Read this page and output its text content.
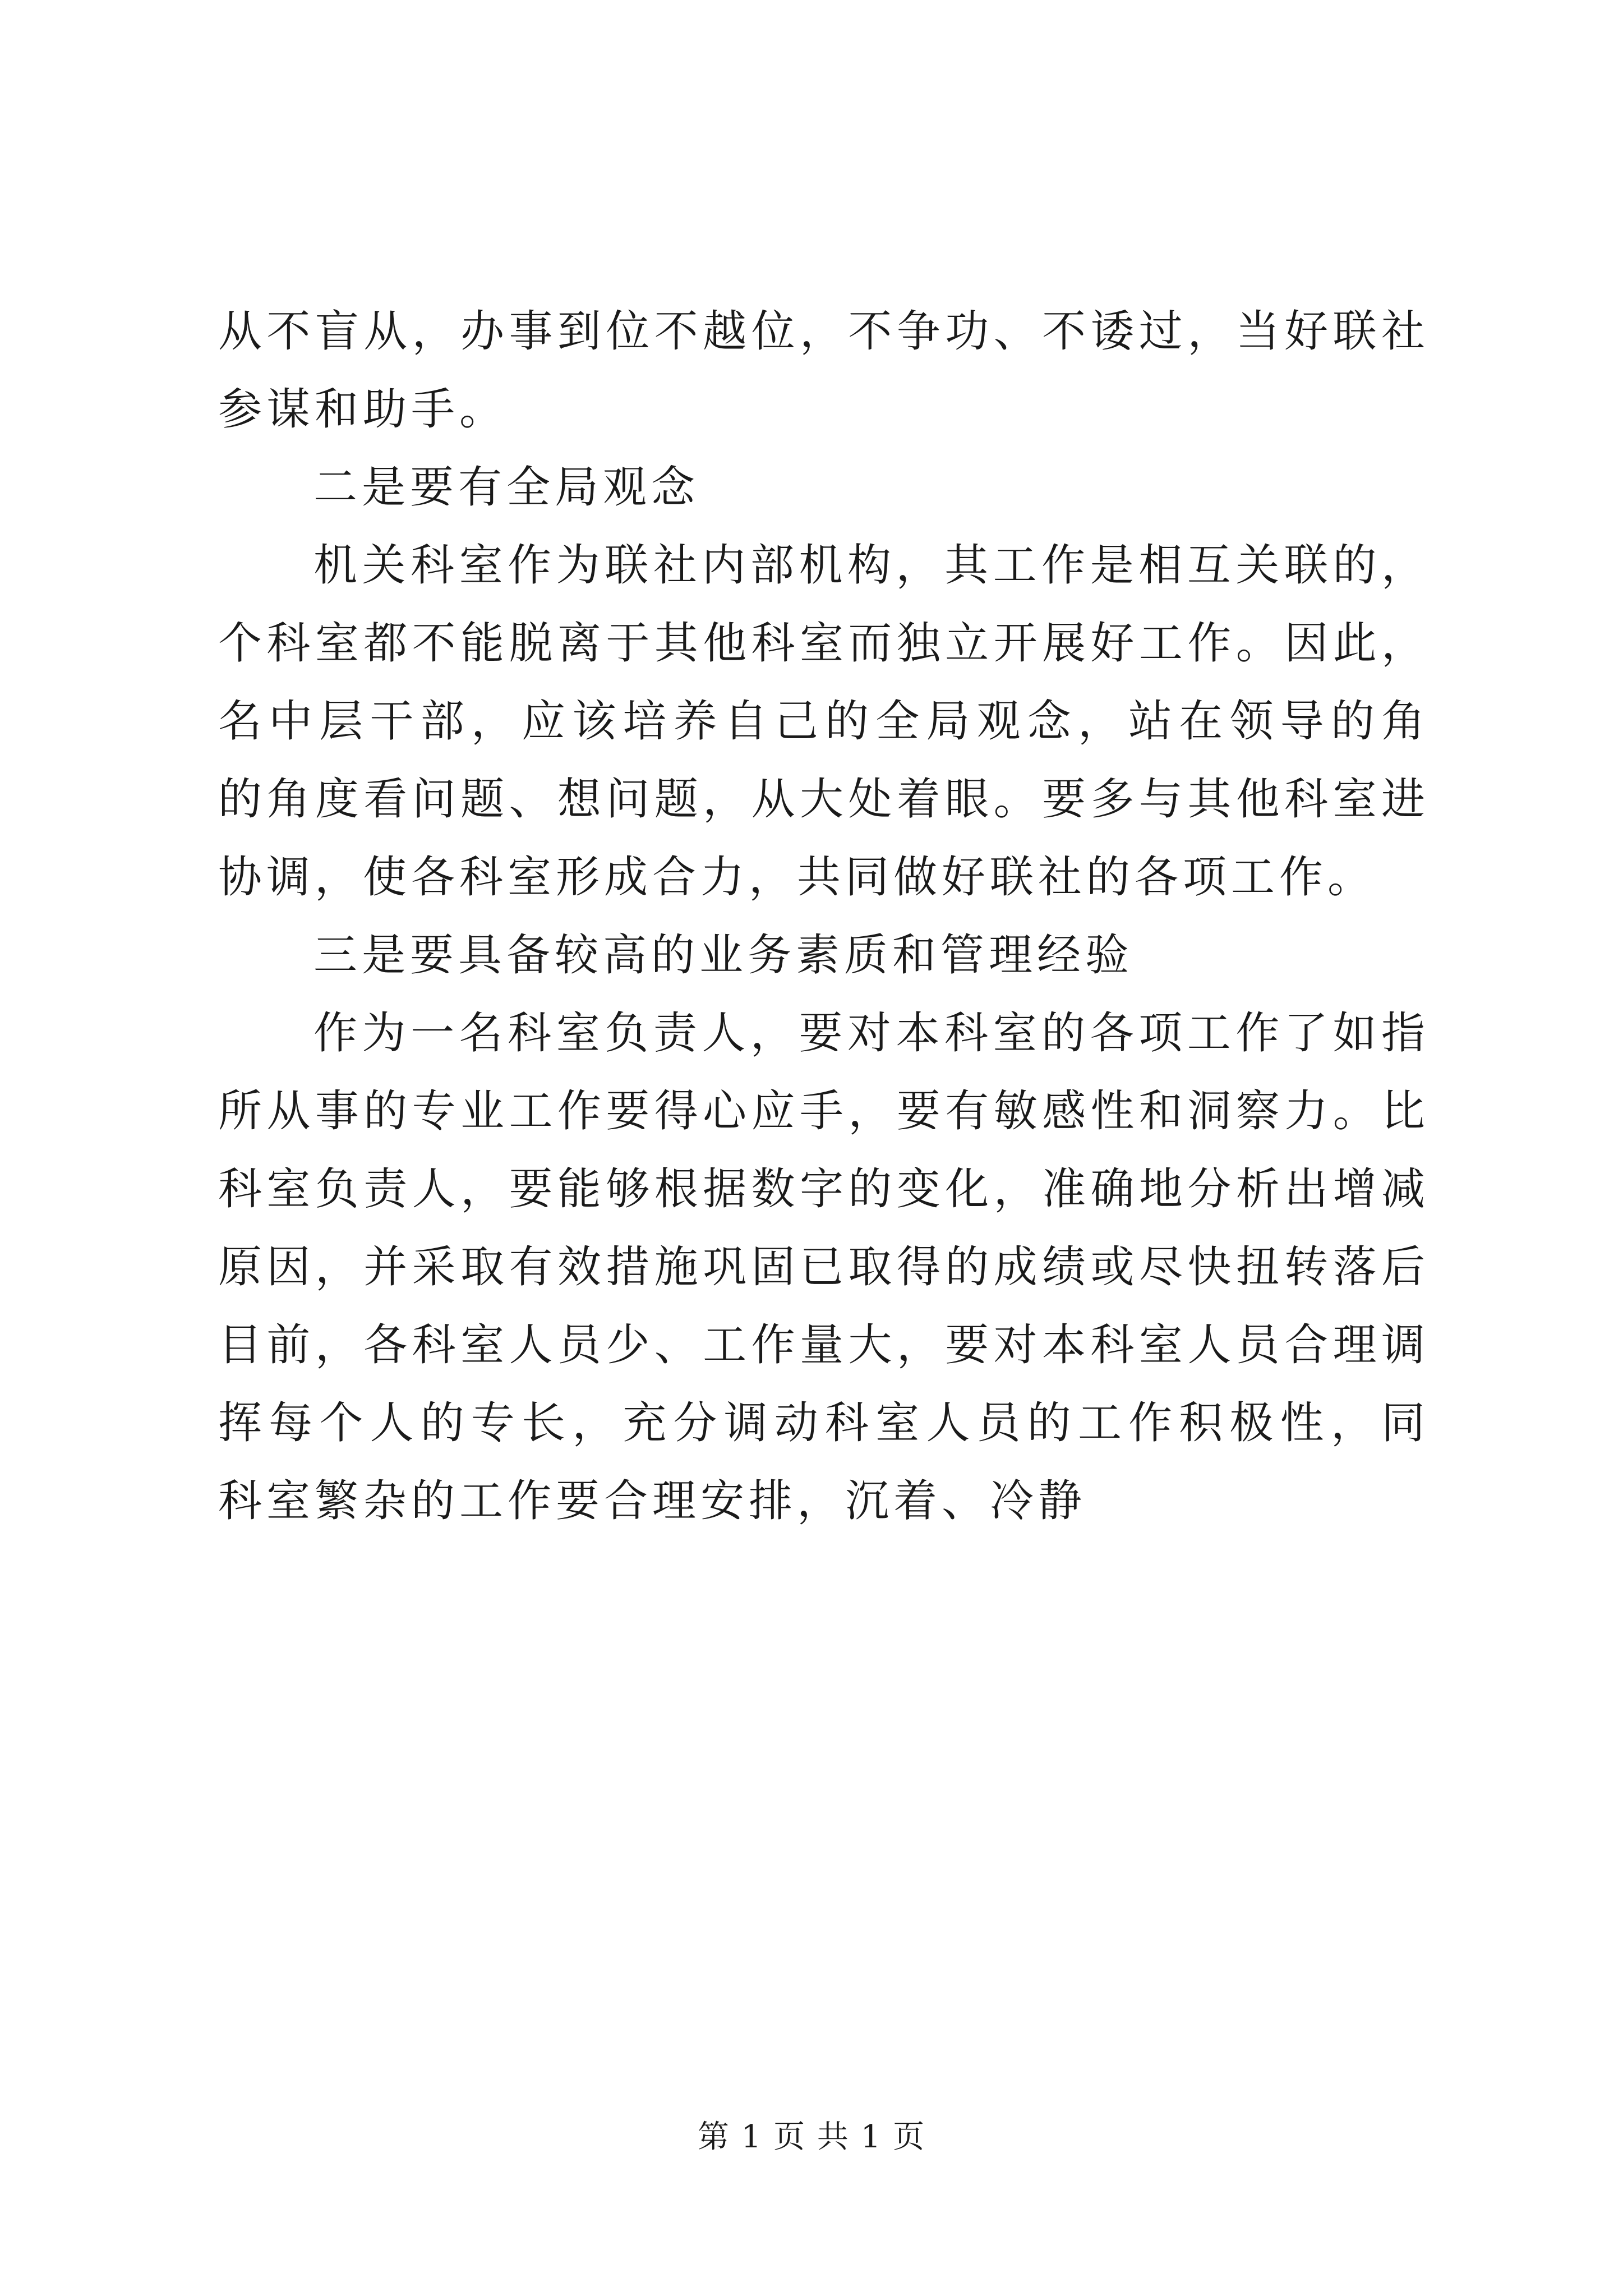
从不盲从，办事到位不越位，不争功、不诿过，当好联社
参谋和助手。
二是要有全局观念
机关科室作为联社内部机构，其工作是相互关联的，
个科室都不能脱离于其他科室而独立开展好工作。因此，
名中层干部，应该培养自己的全局观念，站在领导的角
的角度看问题、想问题，从大处着眼。要多与其他科室进
协调，使各科室形成合力，共同做好联社的各项工作。
三是要具备较高的业务素质和管理经验
作为一名科室负责人，要对本科室的各项工作了如指
所从事的专业工作要得心应手，要有敏感性和洞察力。比
科室负责人，要能够根据数字的变化，准确地分析出增减
原因，并采取有效措施巩固已取得的成绩或尽快扭转落后
目前，各科室人员少、工作量大，要对本科室人员合理调
挥每个人的专长，充分调动科室人员的工作积极性，同
科室繁杂的工作要合理安排，沉着、冷静
第 1 页 共 1 页
